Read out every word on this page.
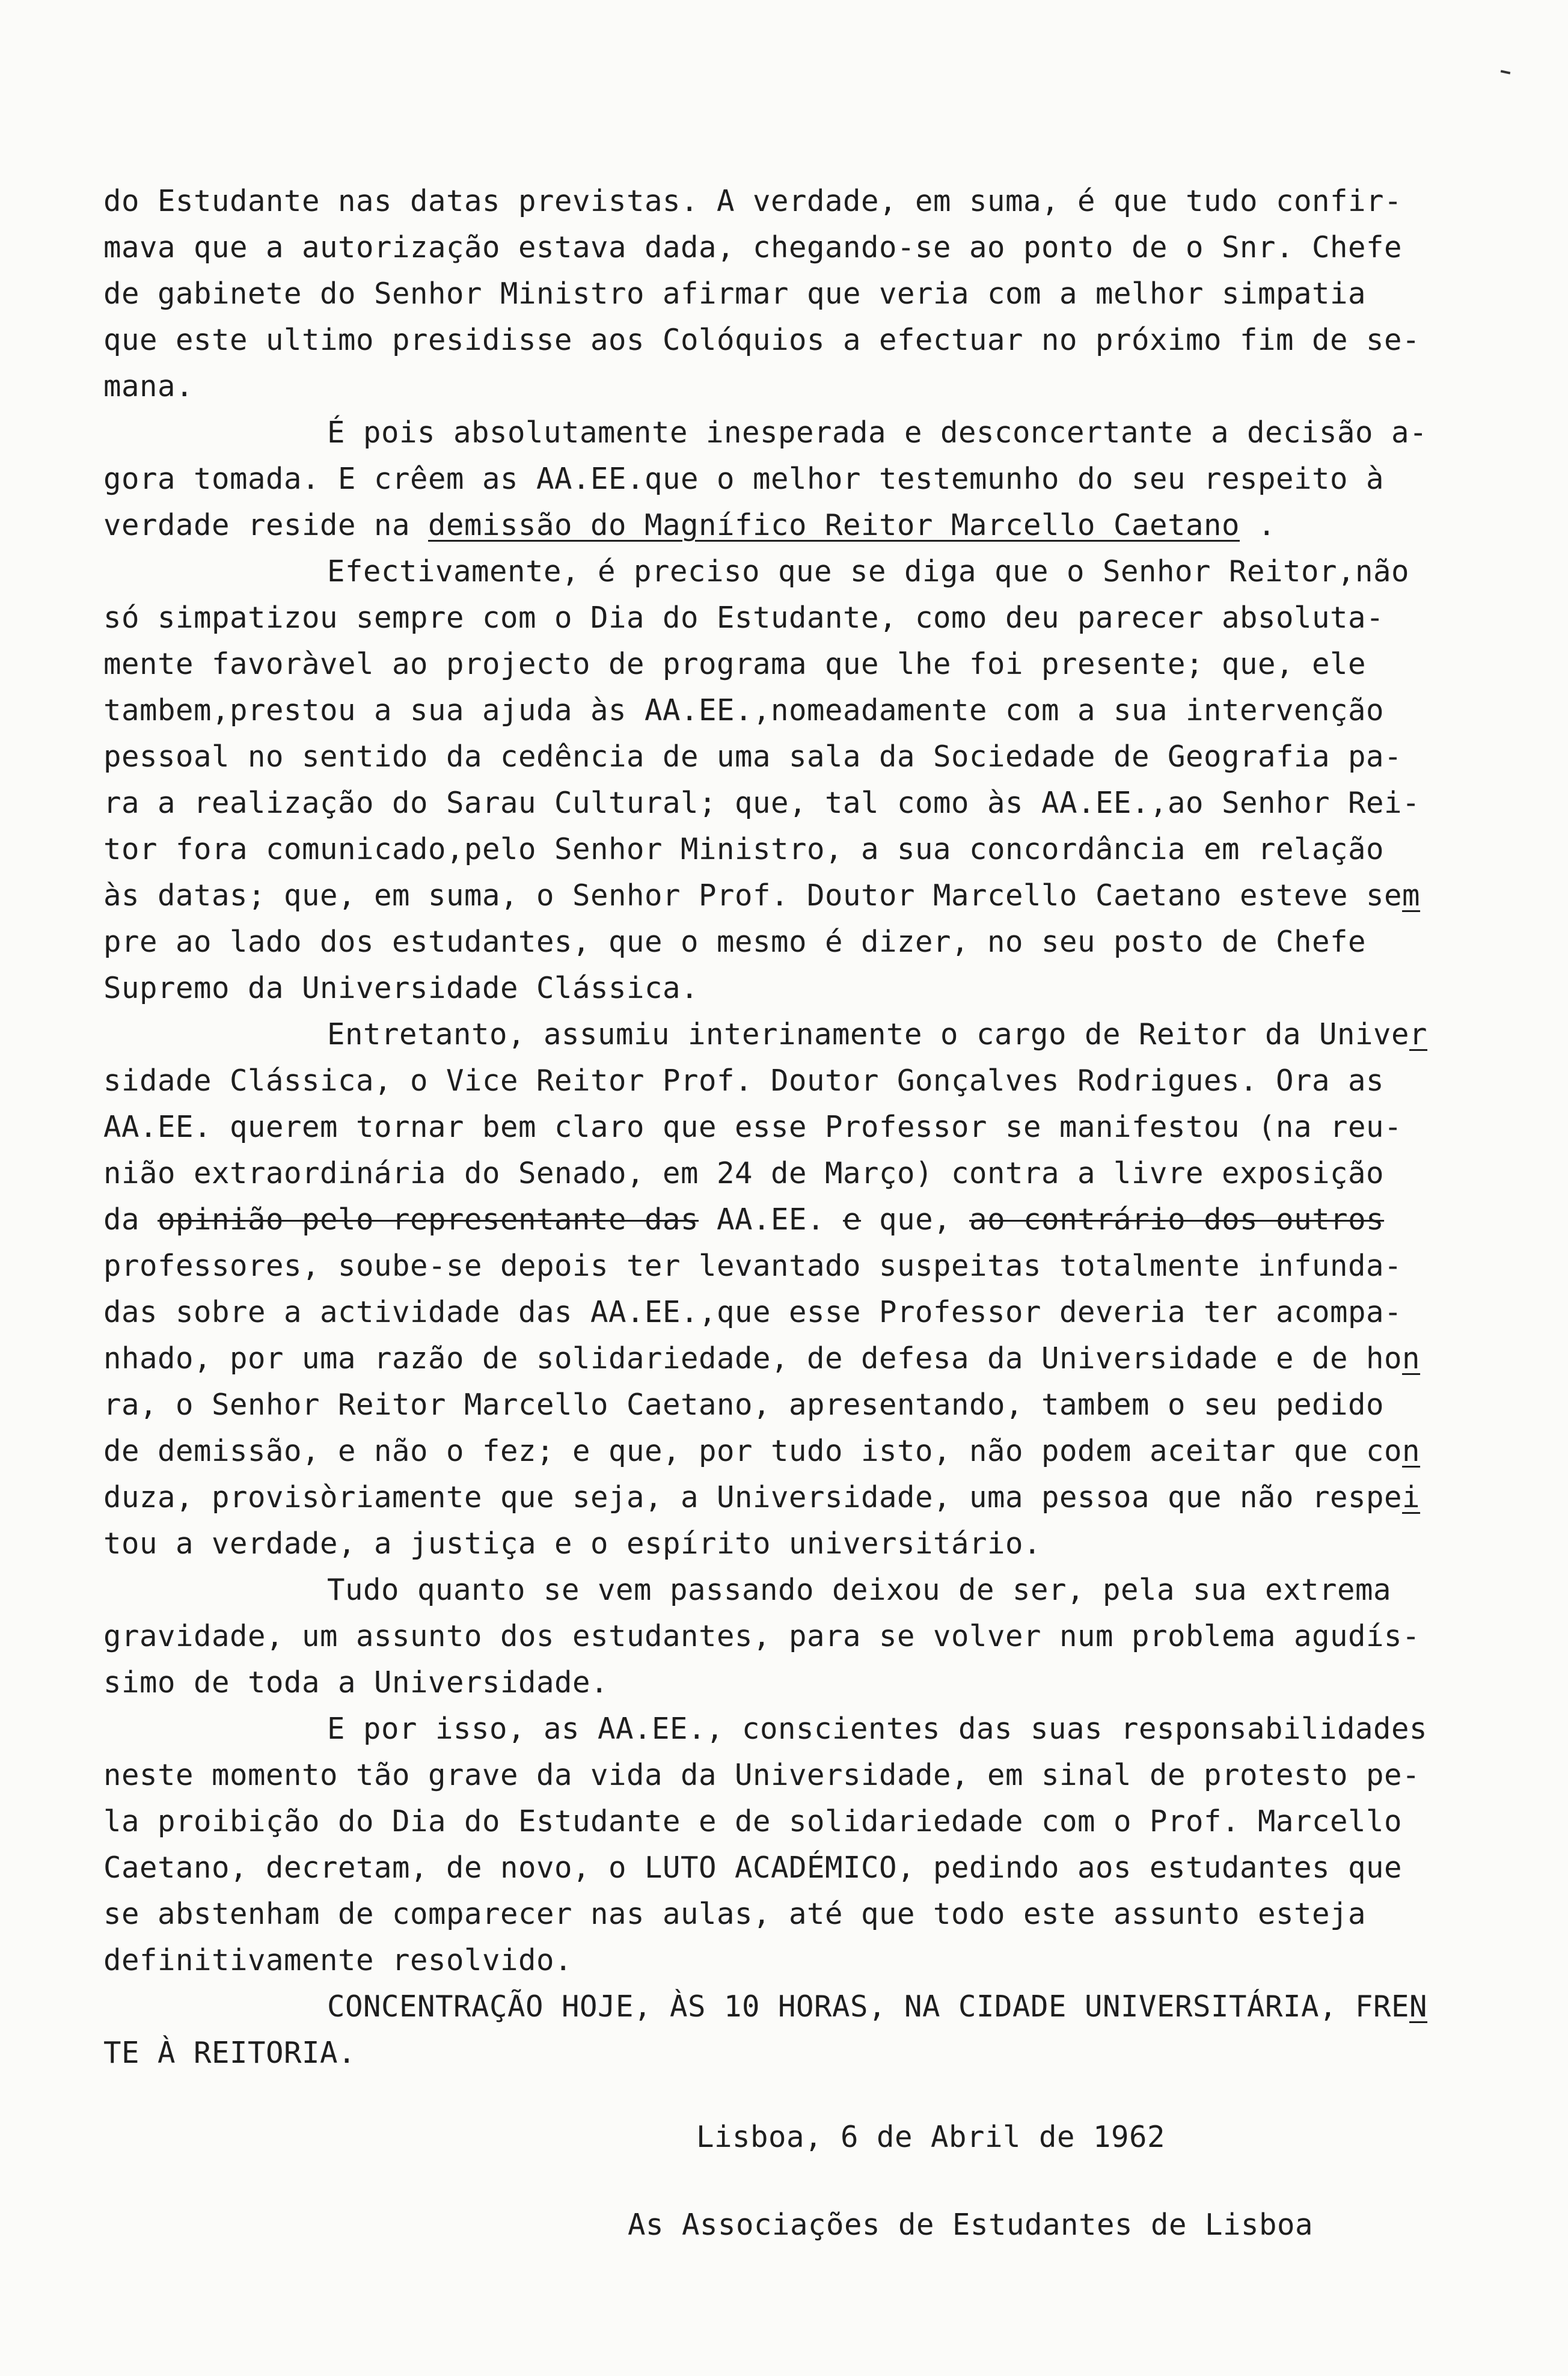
do Estudante nas datas previstas. A verdade, em suma, é que tudo confir-
mava que a autorização estava dada, chegando-se ao ponto de o Snr. Chefe
de gabinete do Senhor Ministro afirmar que veria com a melhor simpatia
que este ultimo presidisse aos Colóquios a efectuar no próximo fim de se-
mana.
É pois absolutamente inesperada e desconcertante a decisão a-
gora tomada. E crêem as AA.EE.que o melhor testemunho do seu respeito à
verdade reside na demissão do Magnífico Reitor Marcello Caetano .
Efectivamente, é preciso que se diga que o Senhor Reitor,não
só simpatizou sempre com o Dia do Estudante, como deu parecer absoluta-
mente favoràvel ao projecto de programa que lhe foi presente; que, ele
tambem,prestou a sua ajuda às AA.EE.,nomeadamente com a sua intervenção
pessoal no sentido da cedência de uma sala da Sociedade de Geografia pa-
ra a realização do Sarau Cultural; que, tal como às AA.EE.,ao Senhor Rei-
tor fora comunicado,pelo Senhor Ministro, a sua concordância em relação
às datas; que, em suma, o Senhor Prof. Doutor Marcello Caetano esteve sem
pre ao lado dos estudantes, que o mesmo é dizer, no seu posto de Chefe
Supremo da Universidade Clássica.
Entretanto, assumiu interinamente o cargo de Reitor da Univer
sidade Clássica, o Vice Reitor Prof. Doutor Gonçalves Rodrigues. Ora as
AA.EE. querem tornar bem claro que esse Professor se manifestou (na reu-
nião extraordinária do Senado, em 24 de Março) contra a livre exposição
da opinião pelo representante das AA.EE. e que, ao contrário dos outros
professores, soube-se depois ter levantado suspeitas totalmente infunda-
das sobre a actividade das AA.EE.,que esse Professor deveria ter acompa-
nhado, por uma razão de solidariedade, de defesa da Universidade e de hon
ra, o Senhor Reitor Marcello Caetano, apresentando, tambem o seu pedido
de demissão, e não o fez; e que, por tudo isto, não podem aceitar que con
duza, provisòriamente que seja, a Universidade, uma pessoa que não respei
tou a verdade, a justiça e o espírito universitário.
Tudo quanto se vem passando deixou de ser, pela sua extrema
gravidade, um assunto dos estudantes, para se volver num problema agudís-
simo de toda a Universidade.
E por isso, as AA.EE., conscientes das suas responsabilidades
neste momento tão grave da vida da Universidade, em sinal de protesto pe-
la proibição do Dia do Estudante e de solidariedade com o Prof. Marcello
Caetano, decretam, de novo, o LUTO ACADÉMICO, pedindo aos estudantes que
se abstenham de comparecer nas aulas, até que todo este assunto esteja
definitivamente resolvido.
CONCENTRAÇÃO HOJE, ÀS 10 HORAS, NA CIDADE UNIVERSITÁRIA, FREN
TE À REITORIA.
Lisboa, 6 de Abril de 1962
As Associações de Estudantes de Lisboa
